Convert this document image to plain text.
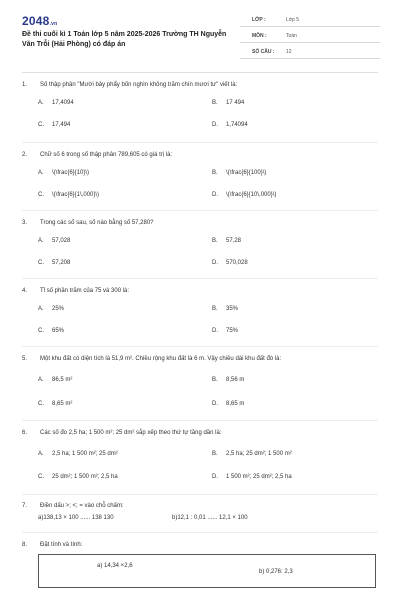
2048.vn
Đề thi cuối kì 1 Toán lớp 5 năm 2025-2026 Trường TH Nguyễn Văn Trỗi (Hải Phòng) có đáp án
LỚP :	Lớp 5
MÔN :	Toán
SỐ CÂU : 12
1. Số thập phân "Mười bảy phẩy bốn nghìn không trăm chín mươi tư" viết là:
A. 17,4094	B. 17 494
C. 17,494	D. 1,74094
2. Chữ số 6 trong số thập phân 789,605 có giá trị là:
A. \(\frac{6}{10}\)	B. \(\frac{6}{100}\)
C. \(\frac{6}{1\,000}\)	D. \(\frac{6}{10\,000}\)
3. Trong các số sau, số nào bằng số 57,280?
A. 57,028	B. 57,28
C. 57,208	D. 570,028
4. Tỉ số phần trăm của 75 và 300 là:
A. 25%	B. 35%
C. 65%	D. 75%
5. Một khu đất có diện tích là 51,9 m². Chiều rộng khu đất là 6 m. Vậy chiều dài khu đất đó là:
A. 86,5 m²	B. 8,56 m
C. 8,65 m²	D. 8,65 m
6. Các số đo 2,5 ha; 1 500 m²; 25 dm² sắp xếp theo thứ tự tăng dần là:
A. 2,5 ha; 1 500 m²; 25 dm²	B. 2,5 ha; 25 dm²; 1 500 m²
C. 25 dm²; 1 500 m²; 2,5 ha	D. 1 500 m²; 25 dm²; 2,5 ha
7. Điền dấu >; <; = vào chỗ chấm:
a)138,13 × 100 ...... 138 130	b)12,1 : 0,01 ...... 12,1 × 100
8. Đặt tính và tính:
a) 14,34 ×2,6
b) 0,276: 2,3
